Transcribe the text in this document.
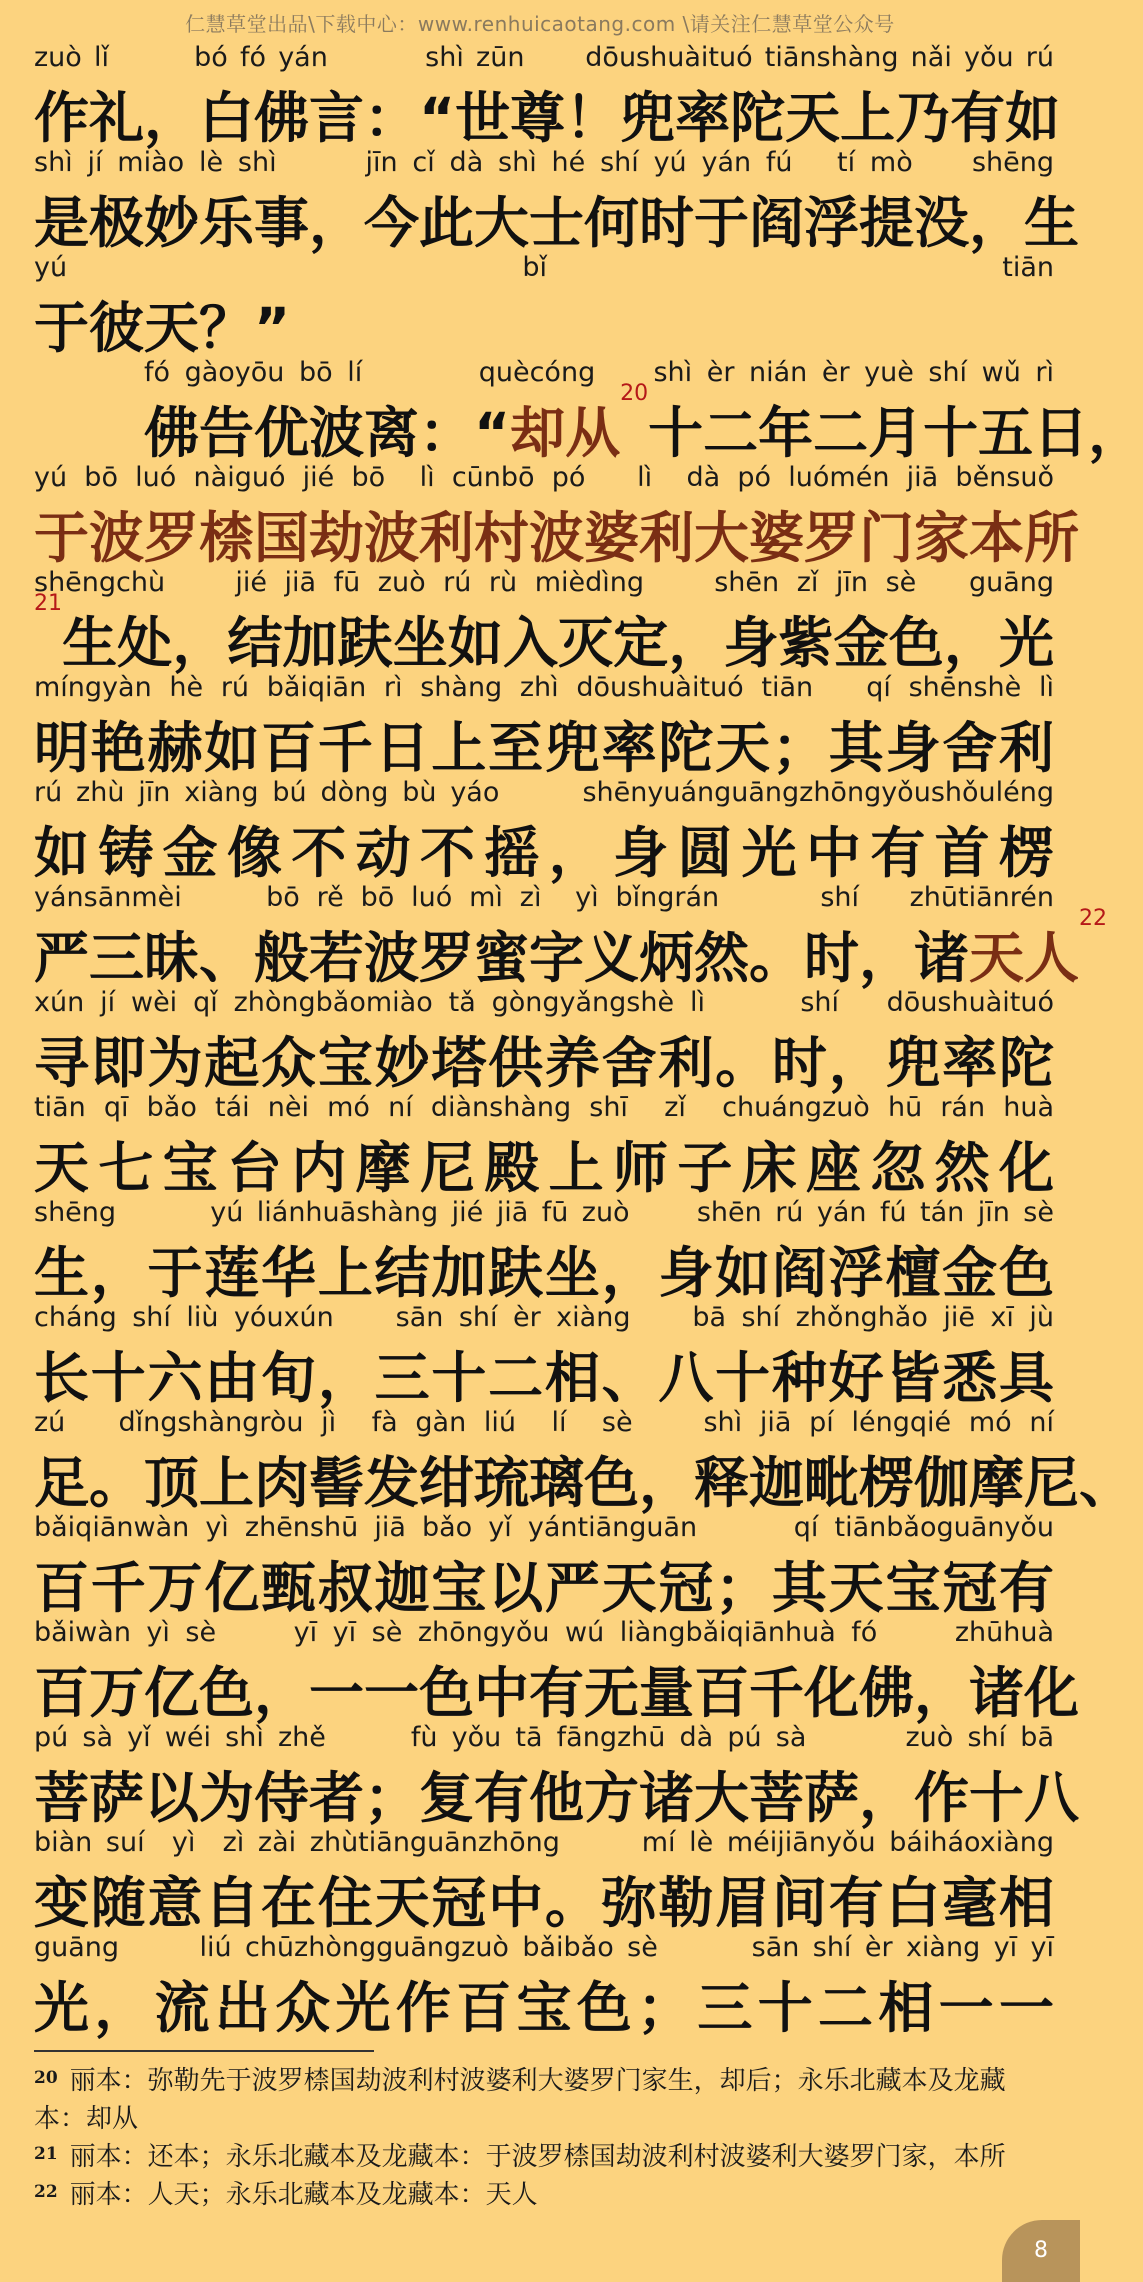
仁慧草堂出品\下载中心：www.renhuicaotang.com \请关注仁慧草堂公众号
zuò lǐ       bó fó yán        shì zūn     dōushuàituó tiānshàng nǎi yǒu rú
作礼，白佛言：“世尊！兜率陀天上乃有如
shì jí miào lè shì      jīn cǐ dà shì hé shí yú yán fú   tí mò    shēng
是极妙乐事，今此大士何时于阎浮提没，生
yú bǐ tiān
于彼天？”
fó gàoyōu bō lí        quècóng    shì èr nián èr yuè shí wǔ rì
佛告优波离：“却从$^{20}$十二年二月十五日，
yú bō luó nàiguó jié bō  lì cūnbō pó   lì  dà pó luómén jiā běnsuǒ
于波罗㮏国劫波利村波婆利大婆罗门家本所
shēngchù    jié jiā fū zuò rú rù mièdìng    shēn zǐ jīn sè   guāng
$^{21}$生处，结加趺坐如入灭定，身紫金色，光
míngyàn hè rú bǎiqiān rì shàng zhì dōushuàituó tiān   qí shēnshè lì
明艳赫如百千日上至兜率陀天；其身舍利
rú zhù jīn xiàng bú dòng bù yáo      shēnyuánguāngzhōngyǒushǒuléng
如铸金像不动不摇，身圆光中有首楞
yánsānmèi     bō rě bō luó mì zì  yì bǐngrán      shí   zhūtiānrén
严三昧、般若波罗蜜字义炳然。时，诸天人$^{22}$
xún jí wèi qǐ zhòngbǎomiào tǎ gòngyǎngshè lì      shí   dōushuàituó
寻即为起众宝妙塔供养舍利。时，兜率陀
tiān qī bǎo tái nèi mó ní diànshàng shī  zǐ  chuángzuò hū rán huà
天七宝台内摩尼殿上师子床座忽然化
shēng       yú liánhuāshàng jié jiā fū zuò     shēn rú yán fú tán jīn sè
生，于莲华上结加趺坐，身如阎浮檀金色
cháng shí liù yóuxún    sān shí èr xiàng    bā shí zhǒnghǎo jiē xī jù
长十六由旬，三十二相、八十种好皆悉具
zú   dǐngshàngròu jì  fà gàn liú  lí  sè    shì jiā pí léngqié mó ní
足。顶上肉髻发绀琉璃色，释迦毗楞伽摩尼、
bǎiqiānwàn yì zhēnshū jiā bǎo yǐ yántiānguān      qí tiānbǎoguānyǒu
百千万亿甄叔迦宝以严天冠；其天宝冠有
bǎiwàn yì sè     yī yī sè zhōngyǒu wú liàngbǎiqiānhuà fó     zhūhuà
百万亿色，一一色中有无量百千化佛，诸化
pú sà yǐ wéi shì zhě      fù yǒu tā fāngzhū dà pú sà       zuò shí bā
菩萨以为侍者；复有他方诸大菩萨，作十八
biàn suí  yì  zì zài zhùtiānguānzhōng      mí lè méijiānyǒu báiháoxiàng
变随意自在住天冠中。弥勒眉间有白毫相
guāng      liú chūzhòngguāngzuò bǎibǎo sè       sān shí èr xiàng yī yī
光，流出众光作百宝色；三十二相一一
$^{20}$ 丽本：弥勒先于波罗㮏国劫波利村波婆利大婆罗门家生，却后；永乐北藏本及龙藏本：却从
$^{21}$ 丽本：还本；永乐北藏本及龙藏本：于波罗㮏国劫波利村波婆利大婆罗门家，本所
$^{22}$ 丽本：人天；永乐北藏本及龙藏本：天人
8
